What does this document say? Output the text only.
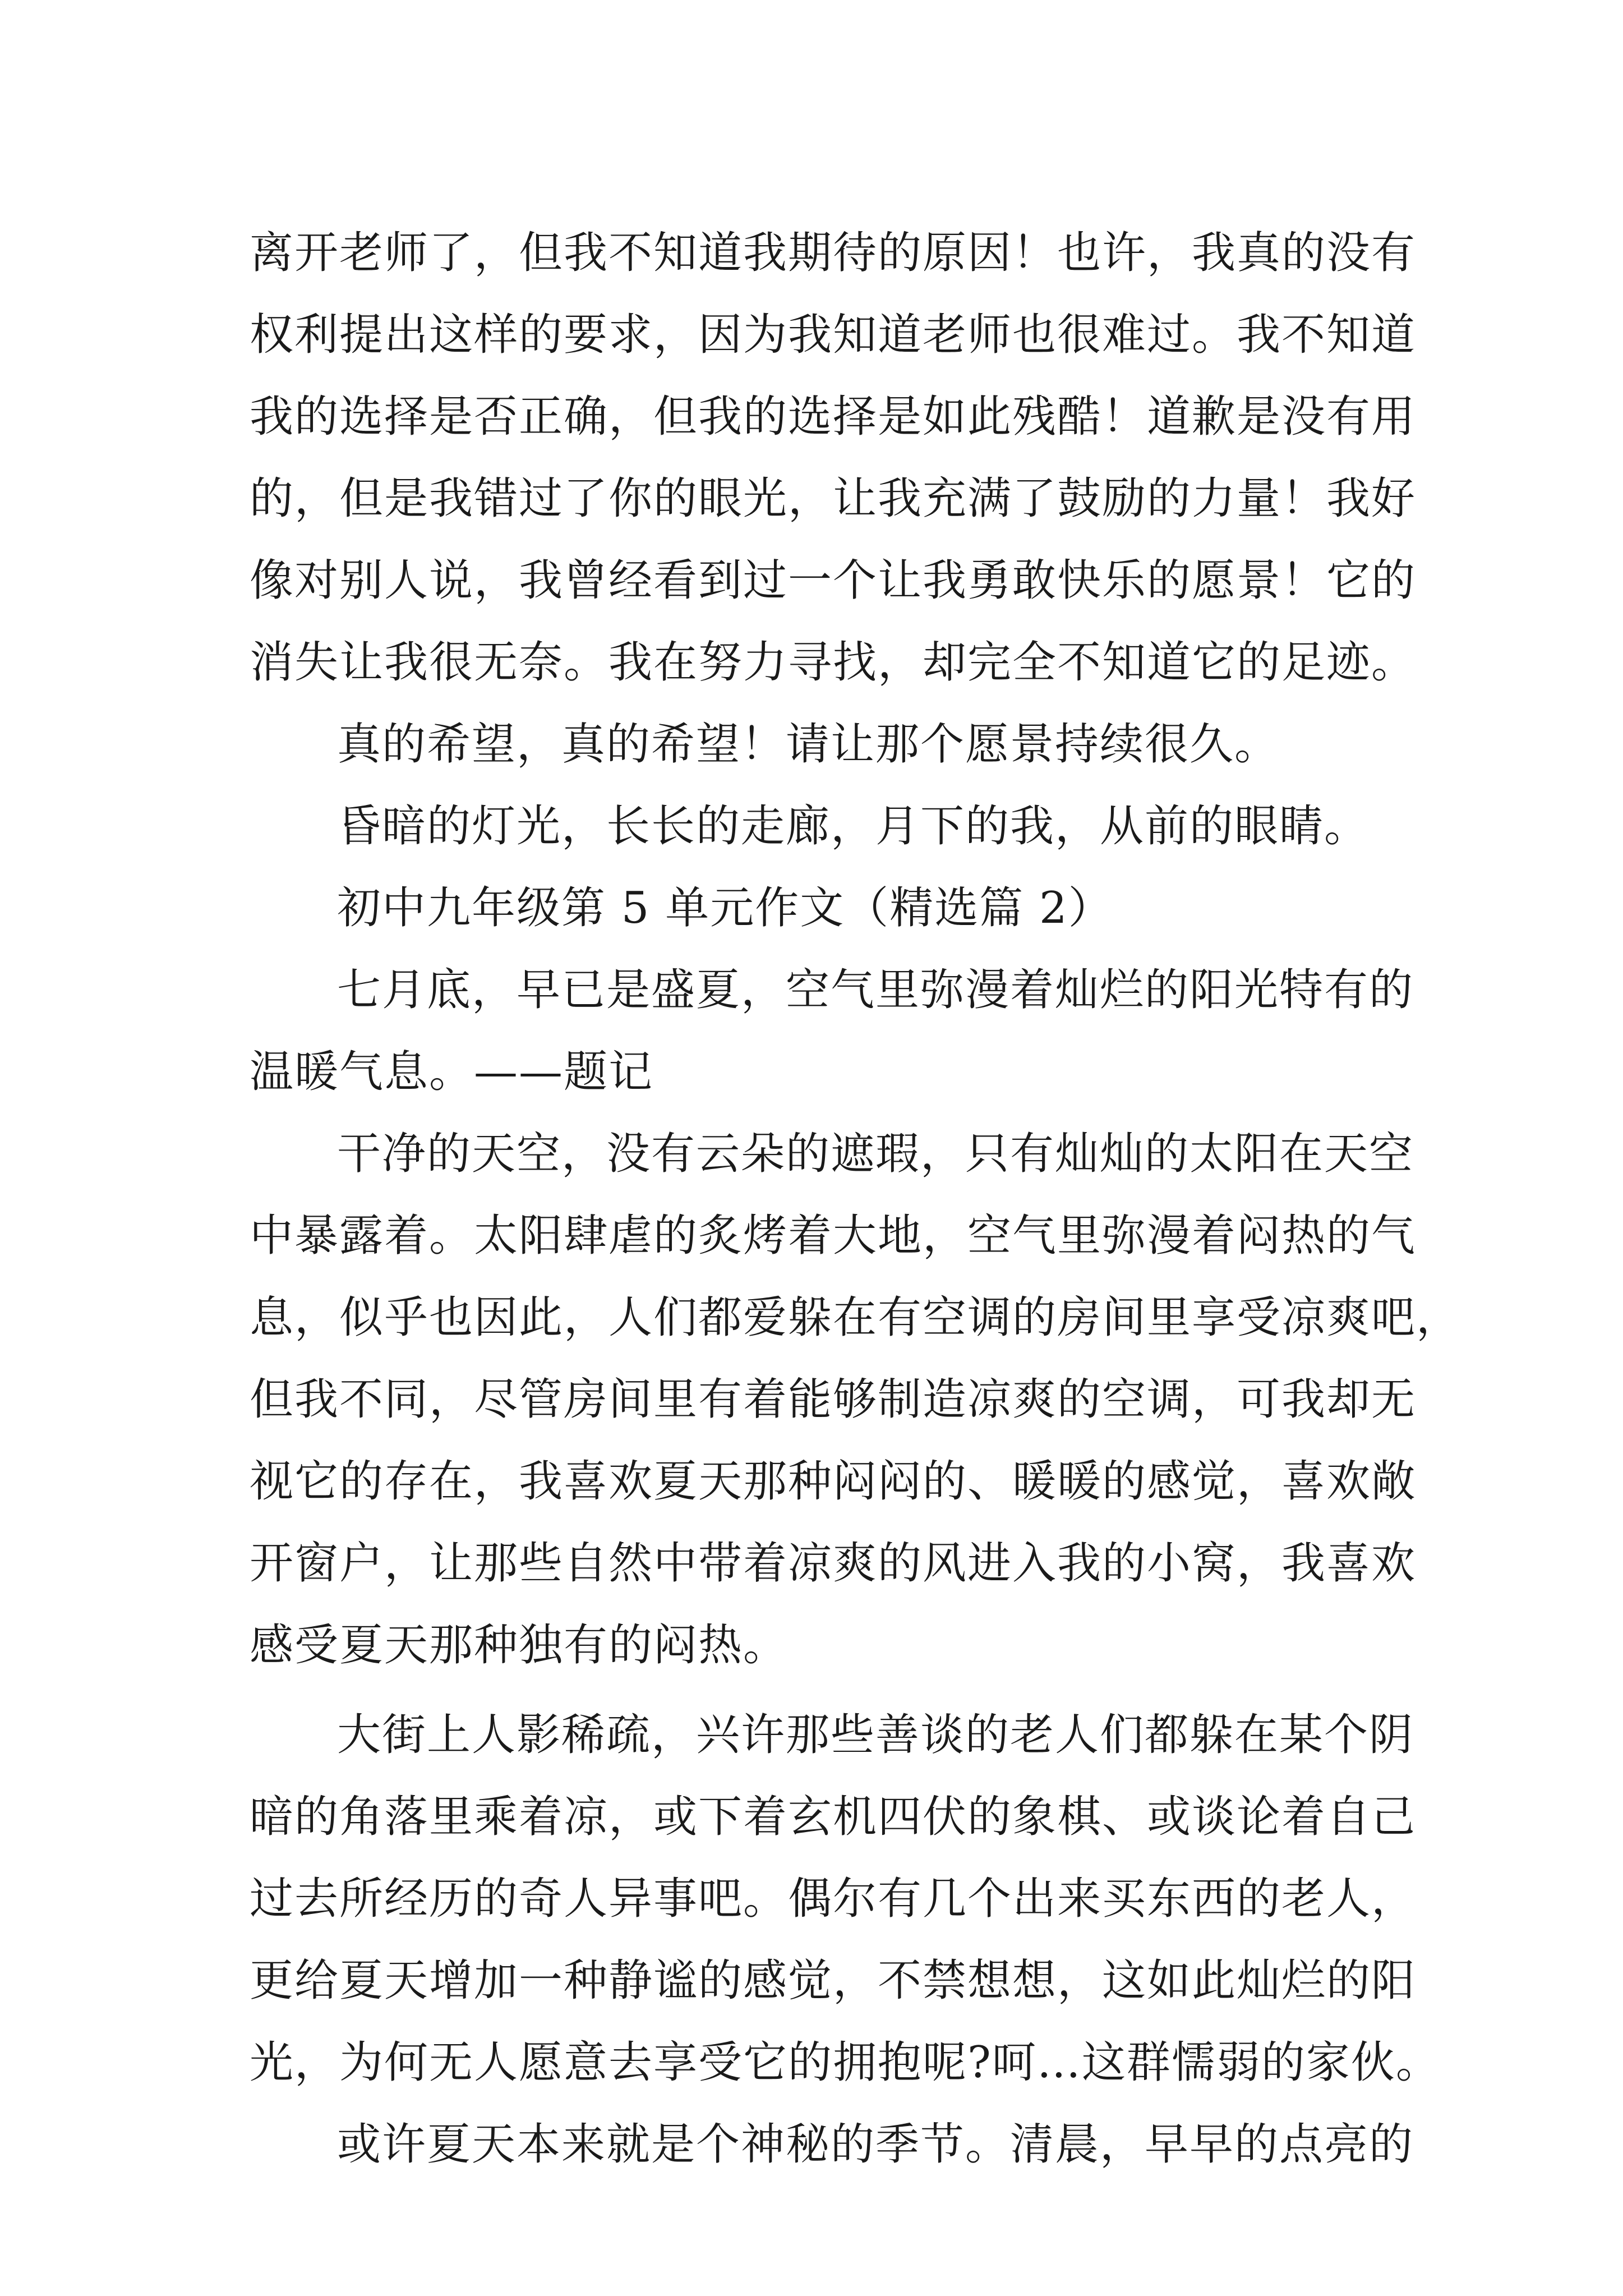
离开老师了，但我不知道我期待的原因！也许，我真的没有
权利提出这样的要求，因为我知道老师也很难过。我不知道
我的选择是否正确，但我的选择是如此残酷！道歉是没有用
的，但是我错过了你的眼光，让我充满了鼓励的力量！我好
像对别人说，我曾经看到过一个让我勇敢快乐的愿景！它的
消失让我很无奈。我在努力寻找，却完全不知道它的足迹。
真的希望，真的希望！请让那个愿景持续很久。
昏暗的灯光，长长的走廊，月下的我，从前的眼睛。
初中九年级第 5 单元作文（精选篇 2）
七月底，早已是盛夏，空气里弥漫着灿烂的阳光特有的
温暖气息。——题记
干净的天空，没有云朵的遮瑕，只有灿灿的太阳在天空
中暴露着。太阳肆虐的炙烤着大地，空气里弥漫着闷热的气
息，似乎也因此，人们都爱躲在有空调的房间里享受凉爽吧，
但我不同，尽管房间里有着能够制造凉爽的空调，可我却无
视它的存在，我喜欢夏天那种闷闷的、暖暖的感觉，喜欢敞
开窗户，让那些自然中带着凉爽的风进入我的小窝，我喜欢
感受夏天那种独有的闷热。
大街上人影稀疏，兴许那些善谈的老人们都躲在某个阴
暗的角落里乘着凉，或下着玄机四伏的象棋、或谈论着自己
过去所经历的奇人异事吧。偶尔有几个出来买东西的老人，
更给夏天增加一种静谧的感觉，不禁想想，这如此灿烂的阳
光，为何无人愿意去享受它的拥抱呢?呵…这群懦弱的家伙。
或许夏天本来就是个神秘的季节。清晨，早早的点亮的
